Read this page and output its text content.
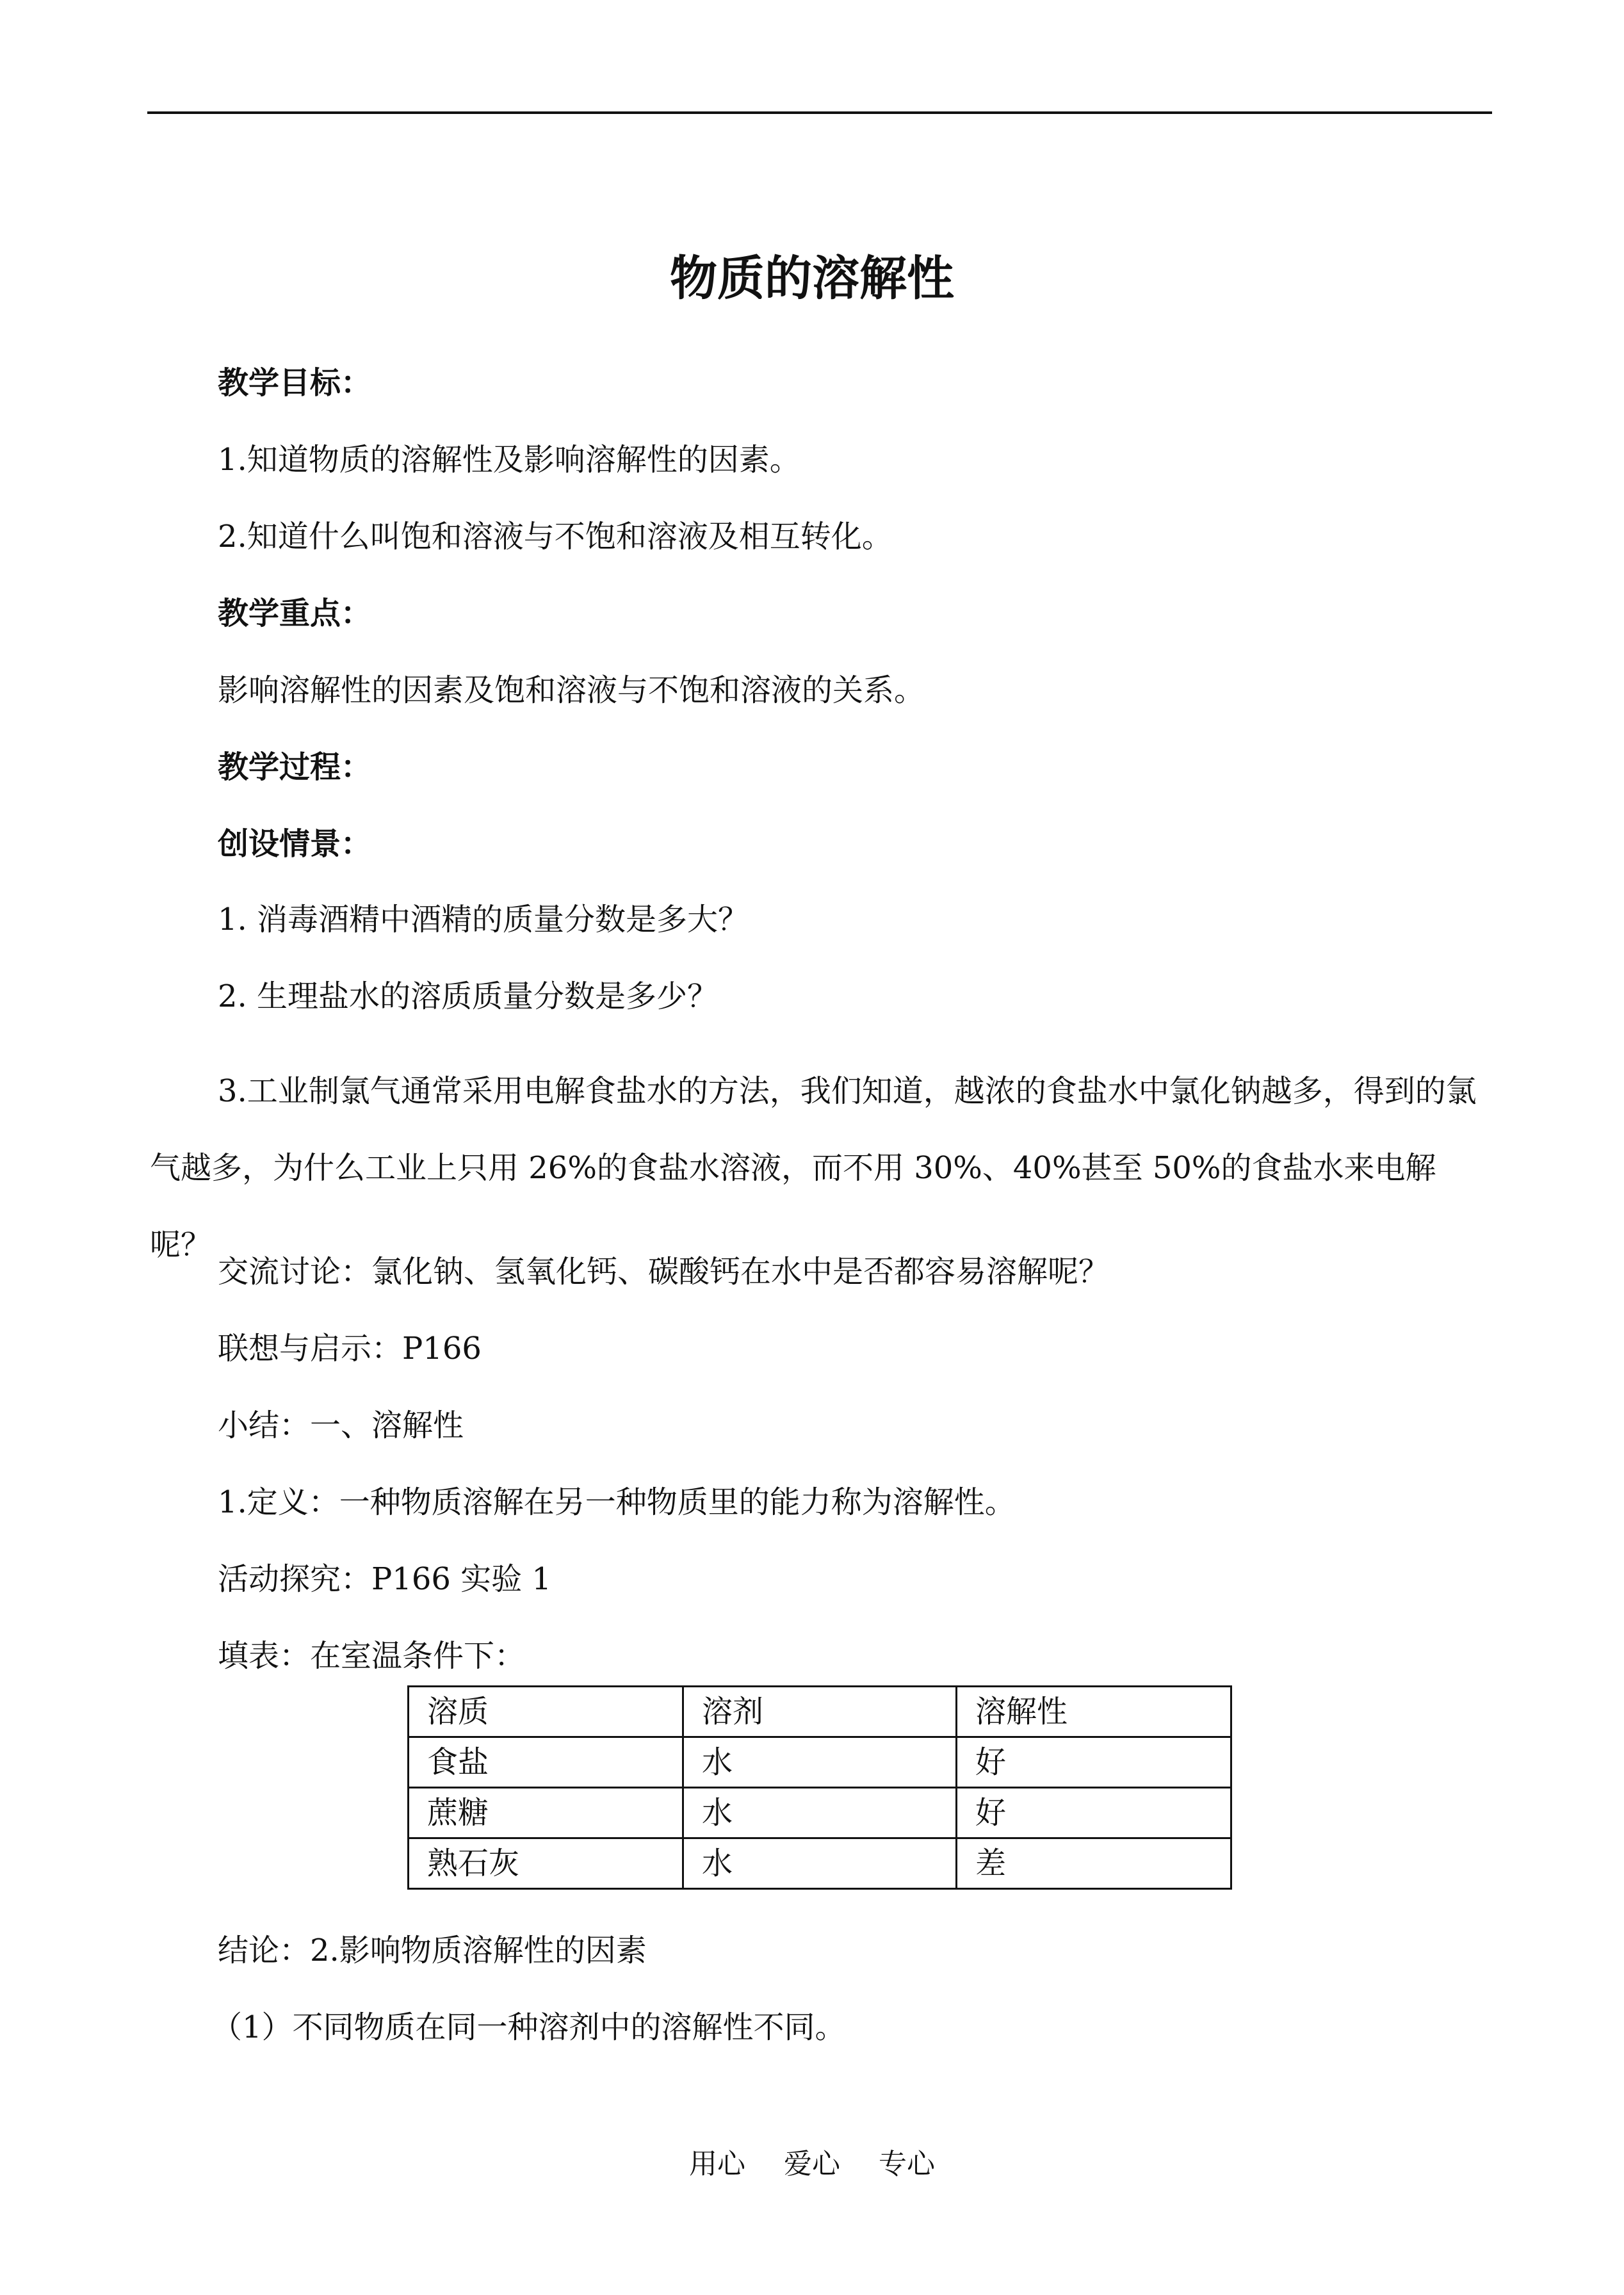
物质的溶解性

教学目标：

1.知道物质的溶解性及影响溶解性的因素。

2.知道什么叫饱和溶液与不饱和溶液及相互转化。

教学重点：

影响溶解性的因素及饱和溶液与不饱和溶液的关系。

教学过程：

创设情景：

1. 消毒酒精中酒精的质量分数是多大？

2. 生理盐水的溶质质量分数是多少？

3.工业制氯气通常采用电解食盐水的方法，我们知道，越浓的食盐水中氯化钠越多，得到的氯气越多，为什么工业上只用 26%的食盐水溶液，而不用 30%、40%甚至 50%的食盐水来电解呢？

交流讨论：氯化钠、氢氧化钙、碳酸钙在水中是否都容易溶解呢？

联想与启示：P166

小结：一、溶解性

1.定义：一种物质溶解在另一种物质里的能力称为溶解性。

活动探究：P166 实验 1

填表：在室温条件下：

溶质	溶剂	溶解性
食盐	水	好
蔗糖	水	好
熟石灰	水	差

结论：2.影响物质溶解性的因素

（1）不同物质在同一种溶剂中的溶解性不同。

用心 爱心 专心
